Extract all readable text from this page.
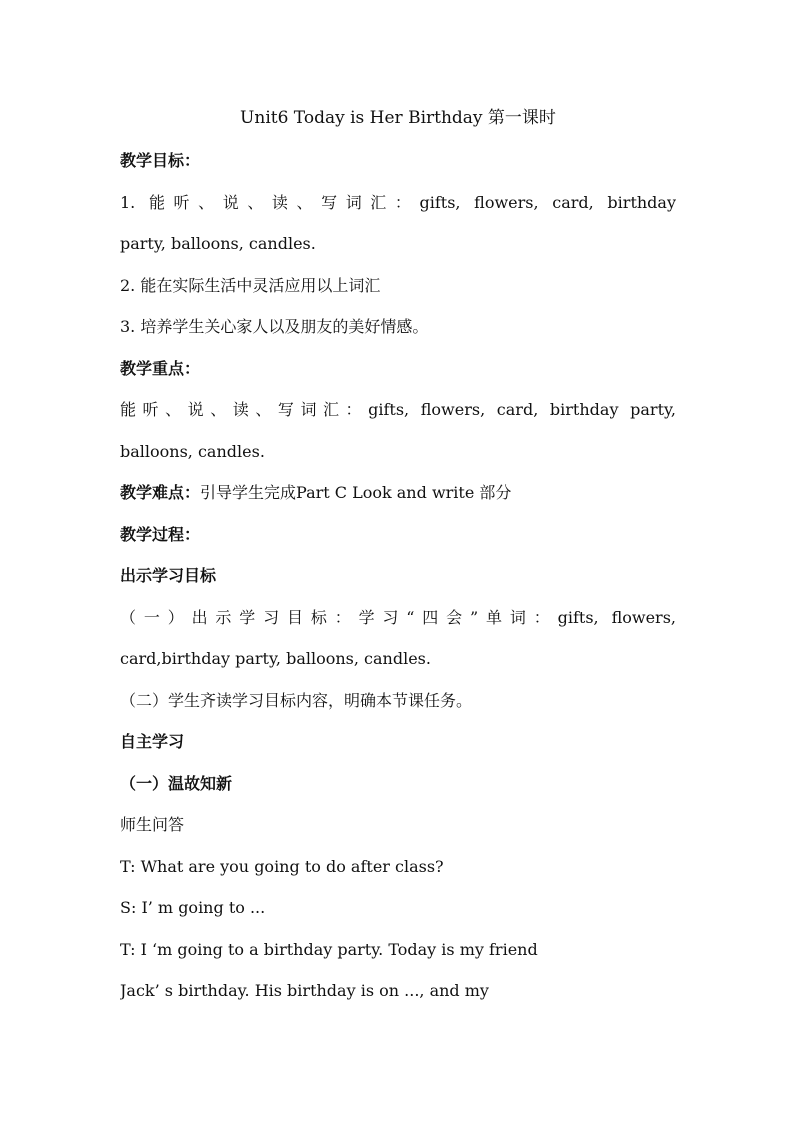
Unit6 Today is Her Birthday 第一课时
教学目标：
1. 能听、说、读、写词汇：gifts, flowers, card, birthday
party, balloons, candles.
2. 能在实际生活中灵活应用以上词汇
3. 培养学生关心家人以及朋友的美好情感。
教学重点：
能听、说、读、写词汇：gifts, flowers, card, birthday party,
balloons, candles.
教学难点：引导学生完成Part C Look and write 部分
教学过程：
出示学习目标
（一）出示学习目标：学习“四会”单词：gifts, flowers,
card,birthday party, balloons, candles.
（二）学生齐读学习目标内容，明确本节课任务。
自主学习
（一）温故知新
师生问答
T: What are you going to do after class?
S: I’ m going to ...
T: I ‘m going to a birthday party. Today is my friend
Jack’ s birthday. His birthday is on ..., and my
